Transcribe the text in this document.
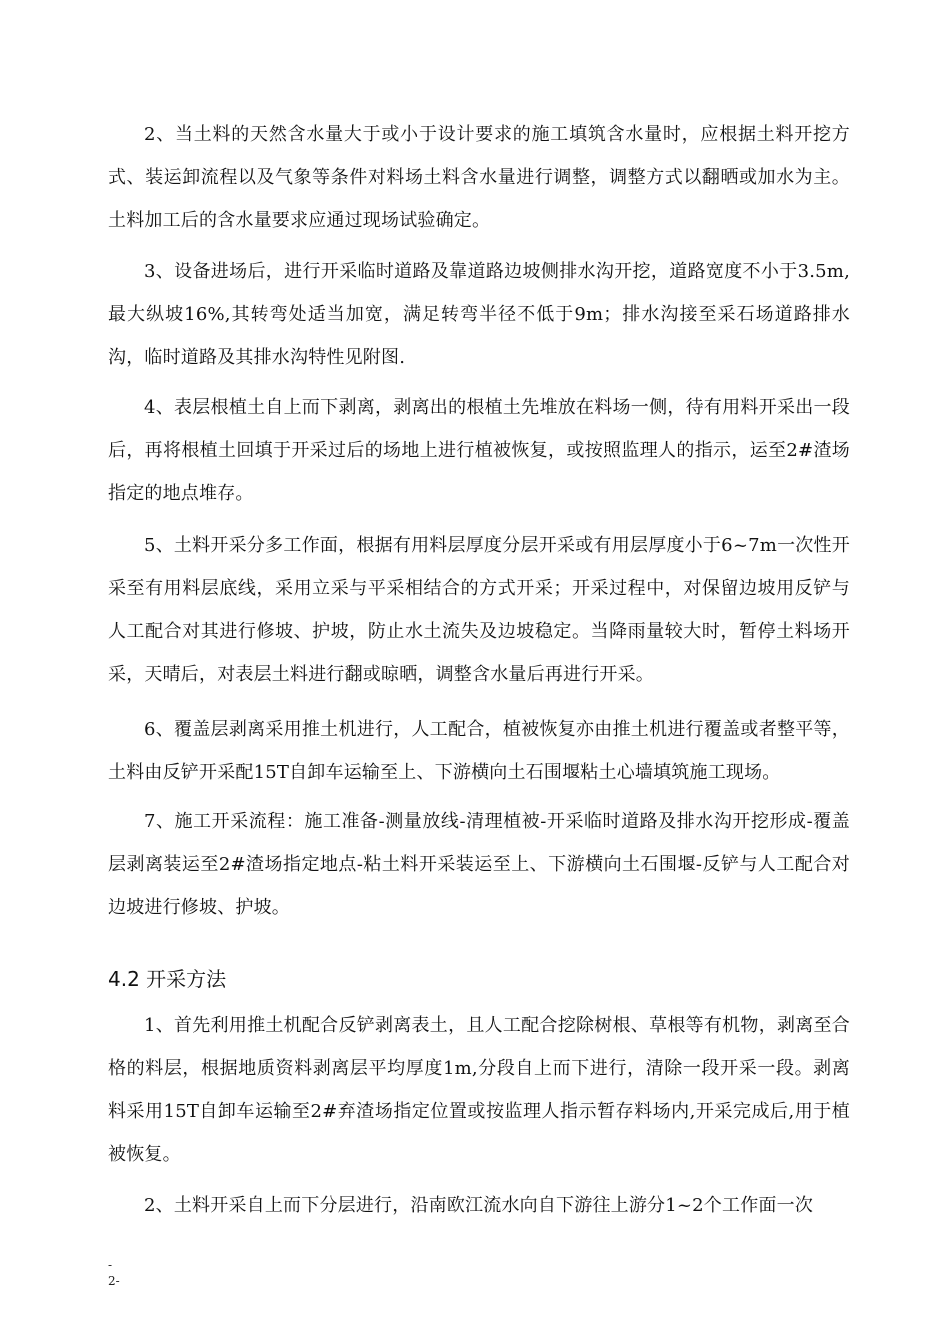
2、当土料的天然含水量大于或小于设计要求的施工填筑含水量时，应根据土料开挖方式、装运卸流程以及气象等条件对料场土料含水量进行调整，调整方式以翻晒或加水为主。土料加工后的含水量要求应通过现场试验确定。

3、设备进场后，进行开采临时道路及靠道路边坡侧排水沟开挖，道路宽度不小于3.5m,最大纵坡16%,其转弯处适当加宽，满足转弯半径不低于9m；排水沟接至采石场道路排水沟，临时道路及其排水沟特性见附图.

4、表层根植土自上而下剥离，剥离出的根植土先堆放在料场一侧，待有用料开采出一段后，再将根植土回填于开采过后的场地上进行植被恢复，或按照监理人的指示，运至2#渣场指定的地点堆存。

5、土料开采分多工作面，根据有用料层厚度分层开采或有用层厚度小于6~7m一次性开采至有用料层底线，采用立采与平采相结合的方式开采；开采过程中，对保留边坡用反铲与人工配合对其进行修坡、护坡，防止水土流失及边坡稳定。当降雨量较大时，暂停土料场开采，天晴后，对表层土料进行翻或晾晒，调整含水量后再进行开采。

6、覆盖层剥离采用推土机进行，人工配合，植被恢复亦由推土机进行覆盖或者整平等，土料由反铲开采配15T自卸车运输至上、下游横向土石围堰粘土心墙填筑施工现场。

7、施工开采流程：施工准备-测量放线-清理植被-开采临时道路及排水沟开挖形成-覆盖层剥离装运至2#渣场指定地点-粘土料开采装运至上、下游横向土石围堰-反铲与人工配合对边坡进行修坡、护坡。

4.2 开采方法

1、首先利用推土机配合反铲剥离表土，且人工配合挖除树根、草根等有机物，剥离至合格的料层，根据地质资料剥离层平均厚度1m,分段自上而下进行，清除一段开采一段。剥离料采用15T自卸车运输至2#弃渣场指定位置或按监理人指示暂存料场内,开采完成后,用于植被恢复。

2、土料开采自上而下分层进行，沿南欧江流水向自下游往上游分1~2个工作面一次

-
2-
